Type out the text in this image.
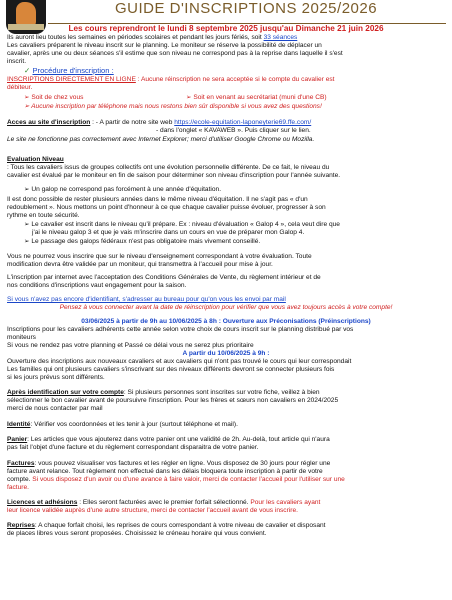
GUIDE D'INSCRIPTIONS 2025/2026

Les cours reprendront le lundi 8 septembre 2025 jusqu'au Dimanche 21 juin 2026

Ils auront lieu toutes les semaines en périodes scolaires et pendant les jours fériés, soit 33 séances

Les cavaliers préparent le niveau inscrit sur le planning. Le moniteur se réserve la possibilité de déplacer un

cavalier, après une ou deux séances s'il estime que son niveau ne correspond pas à la reprise dans laquelle il s'est

inscrit.

✓ Procédure d'inscription :

INSCRIPTIONS DIRECTEMENT EN LIGNE : Aucune réinscription ne sera acceptée si le compte du cavalier est

débiteur.

➢ Soit de chez vous	➢ Soit en venant au secrétariat (muni d'une CB)

➢ Aucune inscription par téléphone mais nous restons bien sûr disponible si vous avez des questions!

Acces au site d'inscription : - A partir de notre site web https://ecole-equitation-laponeyterie69.ffe.com/

- dans l'onglet « KAVAWEB ». Puis cliquer sur le lien.

Le site ne fonctionne pas correctement avec Internet Explorer; merci d'utiliser Google Chrome ou Mozilla.

Evaluation Niveau

: Tous les cavaliers issus de groupes collectifs ont une évolution personnelle différente. De ce fait, le niveau du

cavalier est évalué par le moniteur en fin de saison pour déterminer son niveau d'inscription pour l'année suivante.

➢ Un galop ne correspond pas forcément à une année d'équitation.

Il est donc possible de rester plusieurs années dans le même niveau d'équitation. Il ne s'agit pas « d'un

redoublement ». Nous mettons un point d'honneur à ce que chaque cavalier puisse évoluer, progresser à son

rythme en toute sécurité.

➢ Le cavalier est inscrit dans le niveau qu'il prépare. Ex : niveau d'évaluation « Galop 4 », cela veut dire que

j'ai le niveau galop 3 et que je vais m'inscrire dans un cours en vue de préparer mon Galop 4.

➢ Le passage des galops fédéraux n'est pas obligatoire mais vivement conseillé.

Vous ne pourrez vous inscrire que sur le niveau d'enseignement correspondant à votre évaluation. Toute

modification devra être validée par un moniteur, qui transmettra à l'accueil pour mise à jour.

L'inscription par internet avec l'acceptation des Conditions Générales de Vente, du règlement intérieur et de

nos conditions d'inscriptions vaut engagement pour la saison.

Si vous n'avez pas encore d'identifiant, s'adresser au bureau pour qu'on vous les envoi par mail

Pensez à vous connecter avant la date de réinscription pour vérifier que vous avez toujours accès à votre compte!

03/06/2025 à partir de 9h au 10/06/2025 à 8h : Ouverture aux Préconisations (Préinscriptions)

Inscriptions pour les cavaliers adhérents cette année selon votre choix de cours inscrit sur le planning distribué par vos

moniteurs

Si vous ne rendez pas votre planning et Passé ce délai vous ne serez plus prioritaire

A partir du 10/06/2025 à 9h :

Ouverture des inscriptions aux nouveaux cavaliers et aux cavaliers qui n'ont pas trouvé le cours qui leur correspondait

Les familles qui ont plusieurs cavaliers s'inscrivant sur des niveaux différents devront se connecter plusieurs fois

si les jours prévus sont différents.

Après identification sur votre compte: Si plusieurs personnes sont inscrites sur votre fiche, veillez à bien

sélectionner le bon cavalier avant de poursuivre l'inscription. Pour les frères et sœurs non cavaliers en 2024/2025

merci de nous contacter par mail

Identité: Vérifier vos coordonnées et les tenir à jour (surtout téléphone et mail).

Panier: Les articles que vous ajouterez dans votre panier ont une validité de 2h. Au-delà, tout article qui n'aura

pas fait l'objet d'une facture et du règlement correspondant disparaitra de votre panier.

Factures: vous pouvez visualiser vos factures et les régler en ligne. Vous disposez de 30 jours pour régler une

facture avant relance. Tout règlement non effectué dans les délais bloquera toute inscription à partir de votre

compte. Si vous disposez d'un avoir ou d'une avance à faire valoir, merci de contacter l'accueil pour l'utiliser sur une

facture.

Licences et adhésions : Elles seront facturées avec le premier forfait sélectionné. Pour les cavaliers ayant

leur licence validée auprès d'une autre structure, merci de contacter l'accueil avant de vous inscrire.

Reprises: A chaque forfait choisi, les reprises de cours correspondant à votre niveau de cavalier et disposant

de places libres vous seront proposées. Choisissez le créneau horaire qui vous convient.
